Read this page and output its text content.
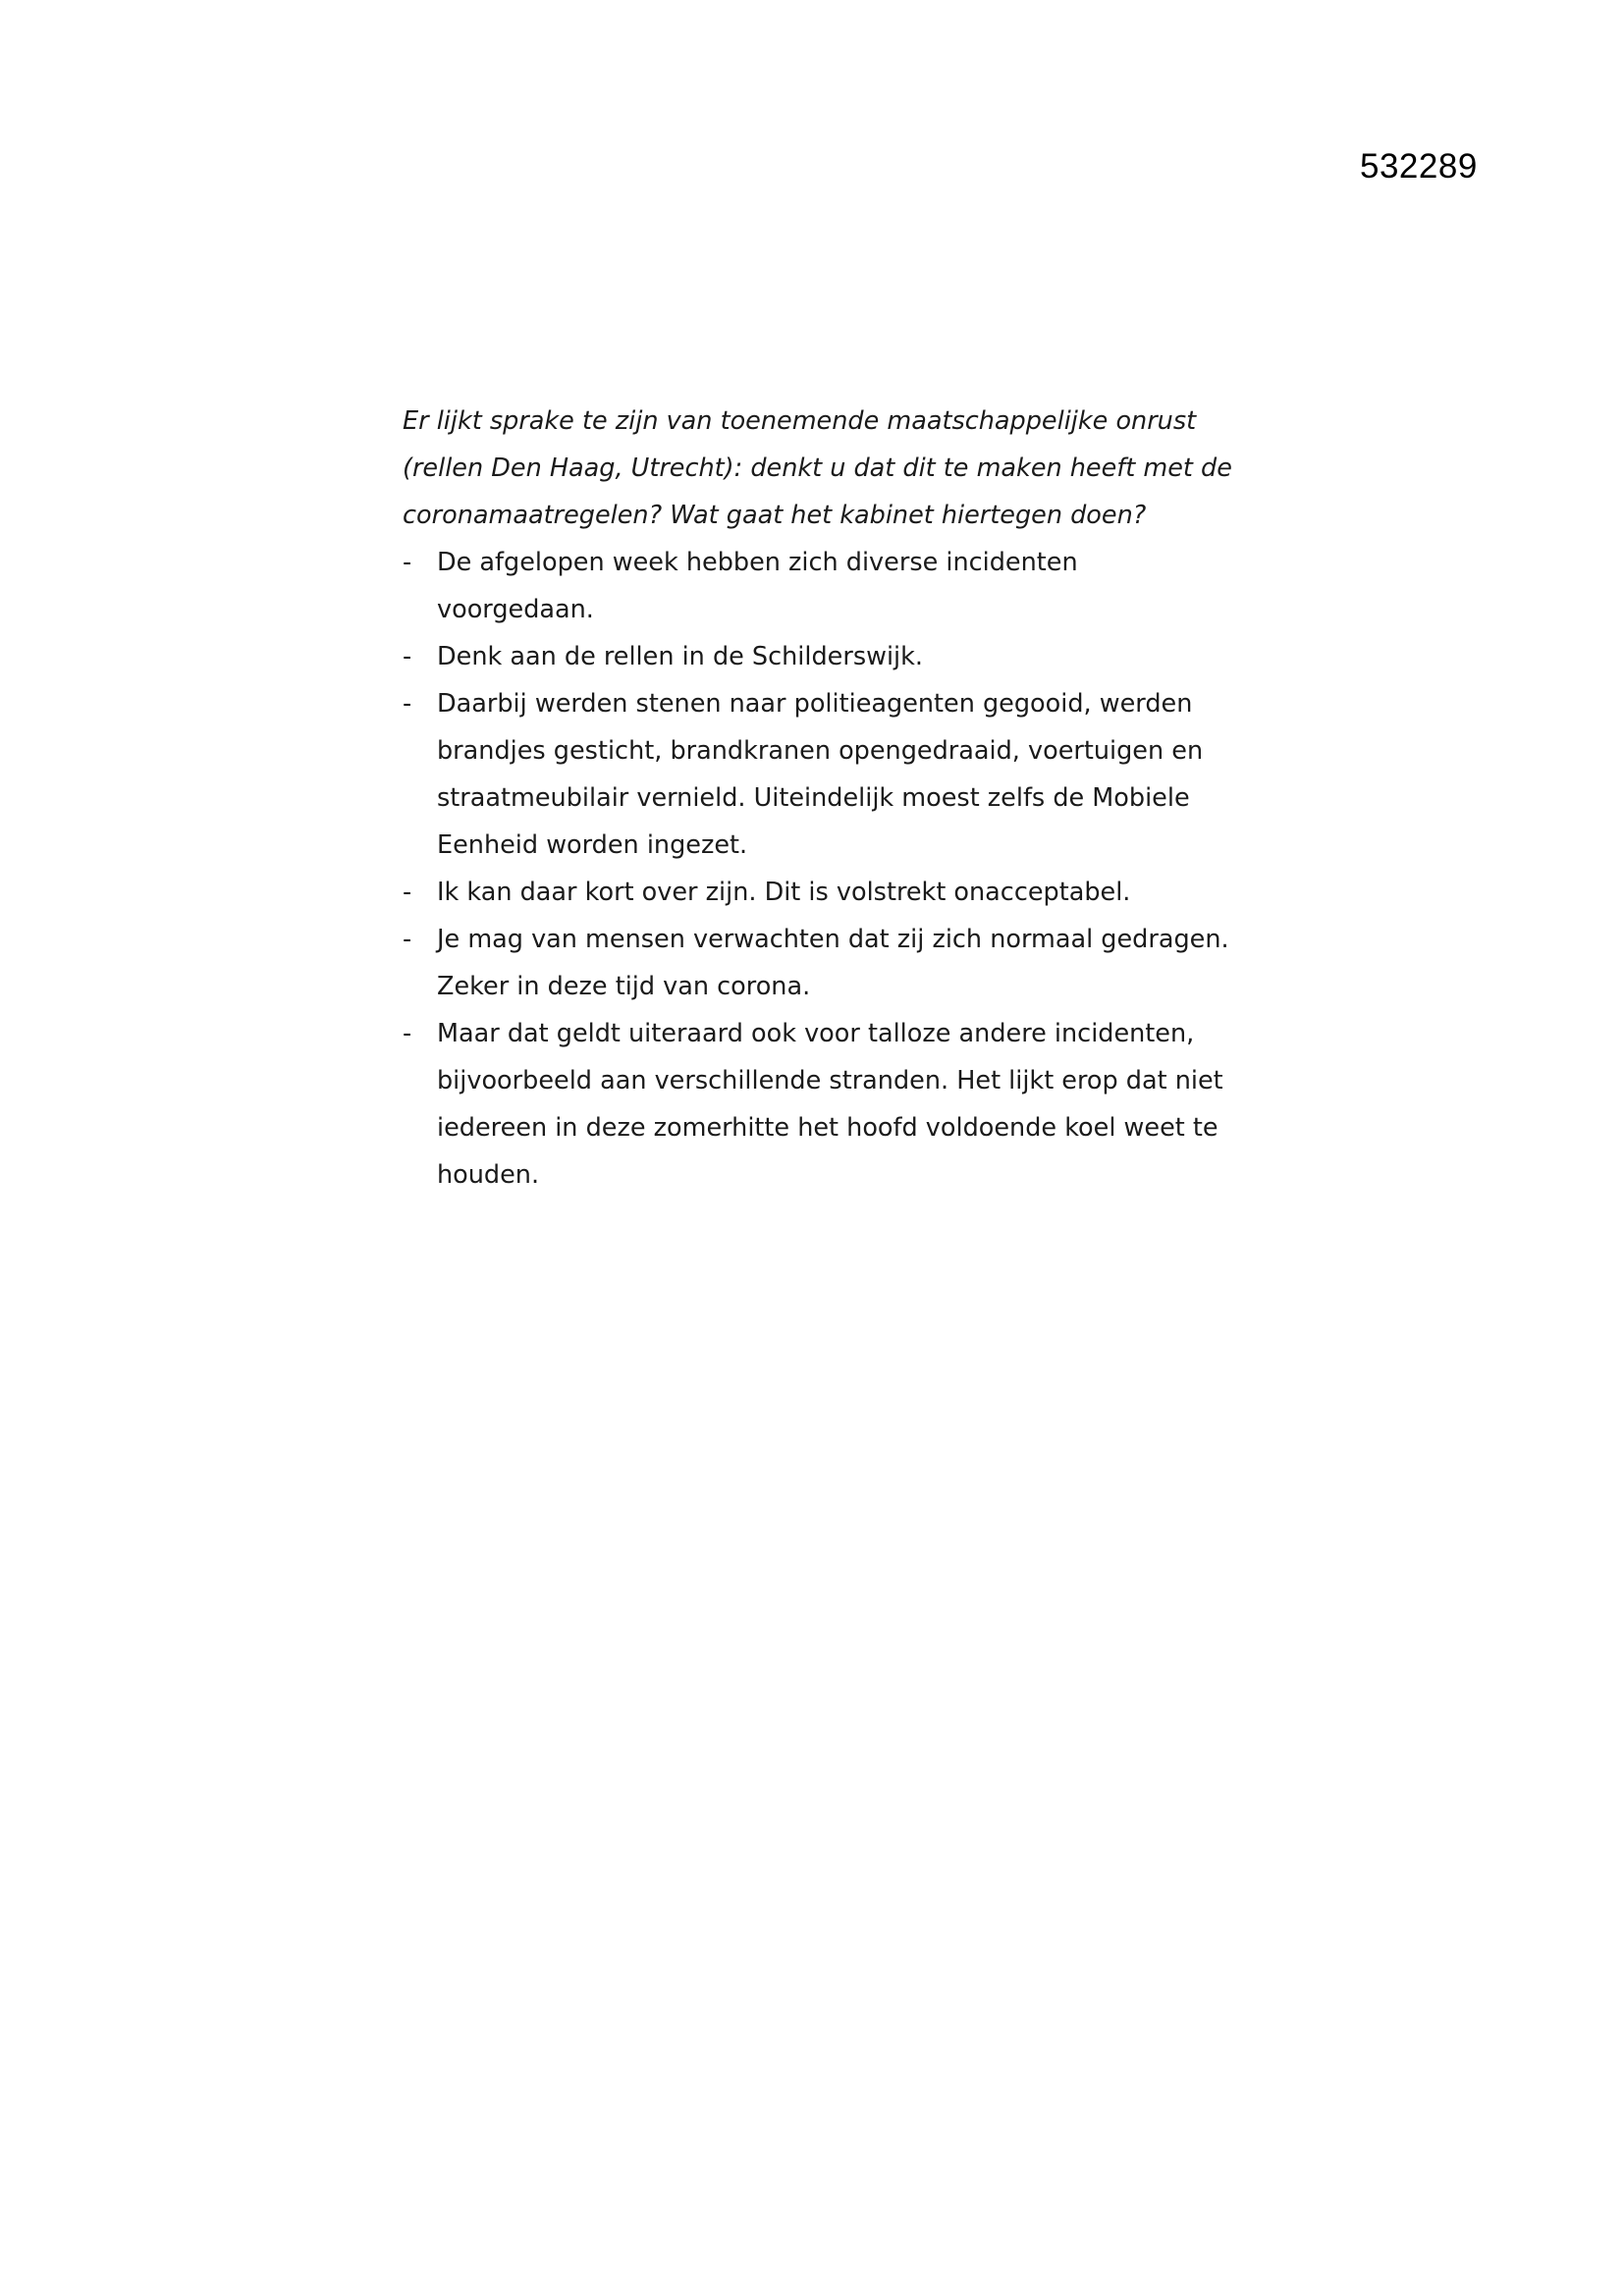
532289

Er lijkt sprake te zijn van toenemende maatschappelijke onrust (rellen Den Haag, Utrecht): denkt u dat dit te maken heeft met de coronamaatregelen? Wat gaat het kabinet hiertegen doen?

- De afgelopen week hebben zich diverse incidenten voorgedaan.
- Denk aan de rellen in de Schilderswijk.
- Daarbij werden stenen naar politieagenten gegooid, werden brandjes gesticht, brandkranen opengedraaid, voertuigen en straatmeubilair vernield. Uiteindelijk moest zelfs de Mobiele Eenheid worden ingezet.
- Ik kan daar kort over zijn. Dit is volstrekt onacceptabel.
- Je mag van mensen verwachten dat zij zich normaal gedragen. Zeker in deze tijd van corona.
- Maar dat geldt uiteraard ook voor talloze andere incidenten, bijvoorbeeld aan verschillende stranden. Het lijkt erop dat niet iedereen in deze zomerhitte het hoofd voldoende koel weet te houden.
